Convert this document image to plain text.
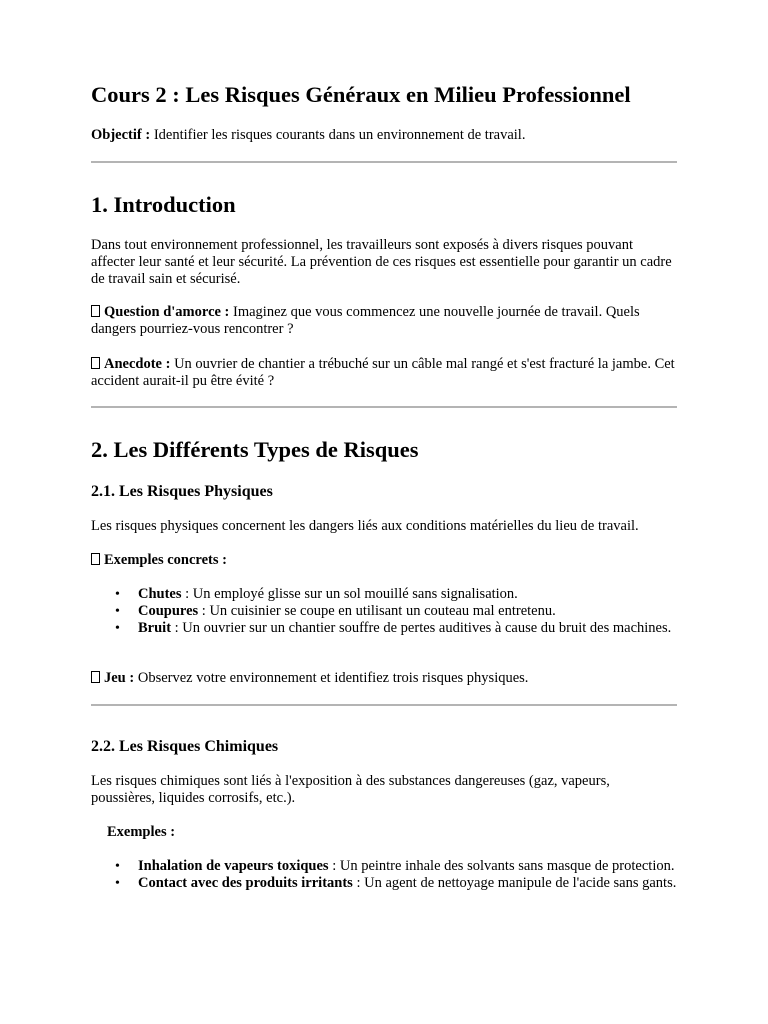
Cours 2 : Les Risques Généraux en Milieu Professionnel

Objectif : Identifier les risques courants dans un environnement de travail.

1. Introduction

Dans tout environnement professionnel, les travailleurs sont exposés à divers risques pouvant affecter leur santé et leur sécurité. La prévention de ces risques est essentielle pour garantir un cadre de travail sain et sécurisé.

Question d'amorce : Imaginez que vous commencez une nouvelle journée de travail. Quels dangers pourriez-vous rencontrer ?

Anecdote : Un ouvrier de chantier a trébuché sur un câble mal rangé et s'est fracturé la jambe. Cet accident aurait-il pu être évité ?

2. Les Différents Types de Risques
2.1. Les Risques Physiques

Les risques physiques concernent les dangers liés aux conditions matérielles du lieu de travail.

Exemples concrets :

• Chutes : Un employé glisse sur un sol mouillé sans signalisation.
• Coupures : Un cuisinier se coupe en utilisant un couteau mal entretenu.
• Bruit : Un ouvrier sur un chantier souffre de pertes auditives à cause du bruit des machines.

Jeu : Observez votre environnement et identifiez trois risques physiques.

2.2. Les Risques Chimiques

Les risques chimiques sont liés à l'exposition à des substances dangereuses (gaz, vapeurs, poussières, liquides corrosifs, etc.).

Exemples :

• Inhalation de vapeurs toxiques : Un peintre inhale des solvants sans masque de protection.
• Contact avec des produits irritants : Un agent de nettoyage manipule de l'acide sans gants.
